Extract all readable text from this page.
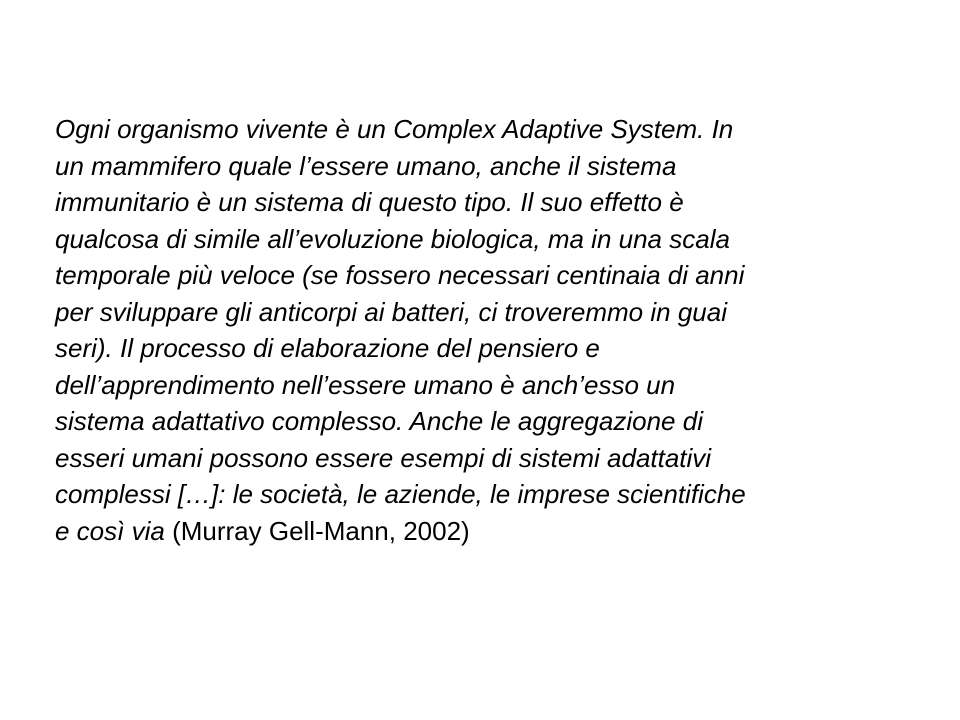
Ogni organismo vivente è un Complex Adaptive System. In
un mammifero quale l’essere umano, anche il sistema
immunitario è un sistema di questo tipo. Il suo effetto è
qualcosa di simile all’evoluzione biologica, ma in una scala
temporale più veloce (se fossero necessari centinaia di anni
per sviluppare gli anticorpi ai batteri, ci troveremmo in guai
seri). Il processo di elaborazione del pensiero e
dell’apprendimento nell’essere umano è anch’esso un
sistema adattativo complesso. Anche le aggregazione di
esseri umani possono essere esempi di sistemi adattativi
complessi […]: le società, le aziende, le imprese scientifiche
e così via (Murray Gell-Mann, 2002)
